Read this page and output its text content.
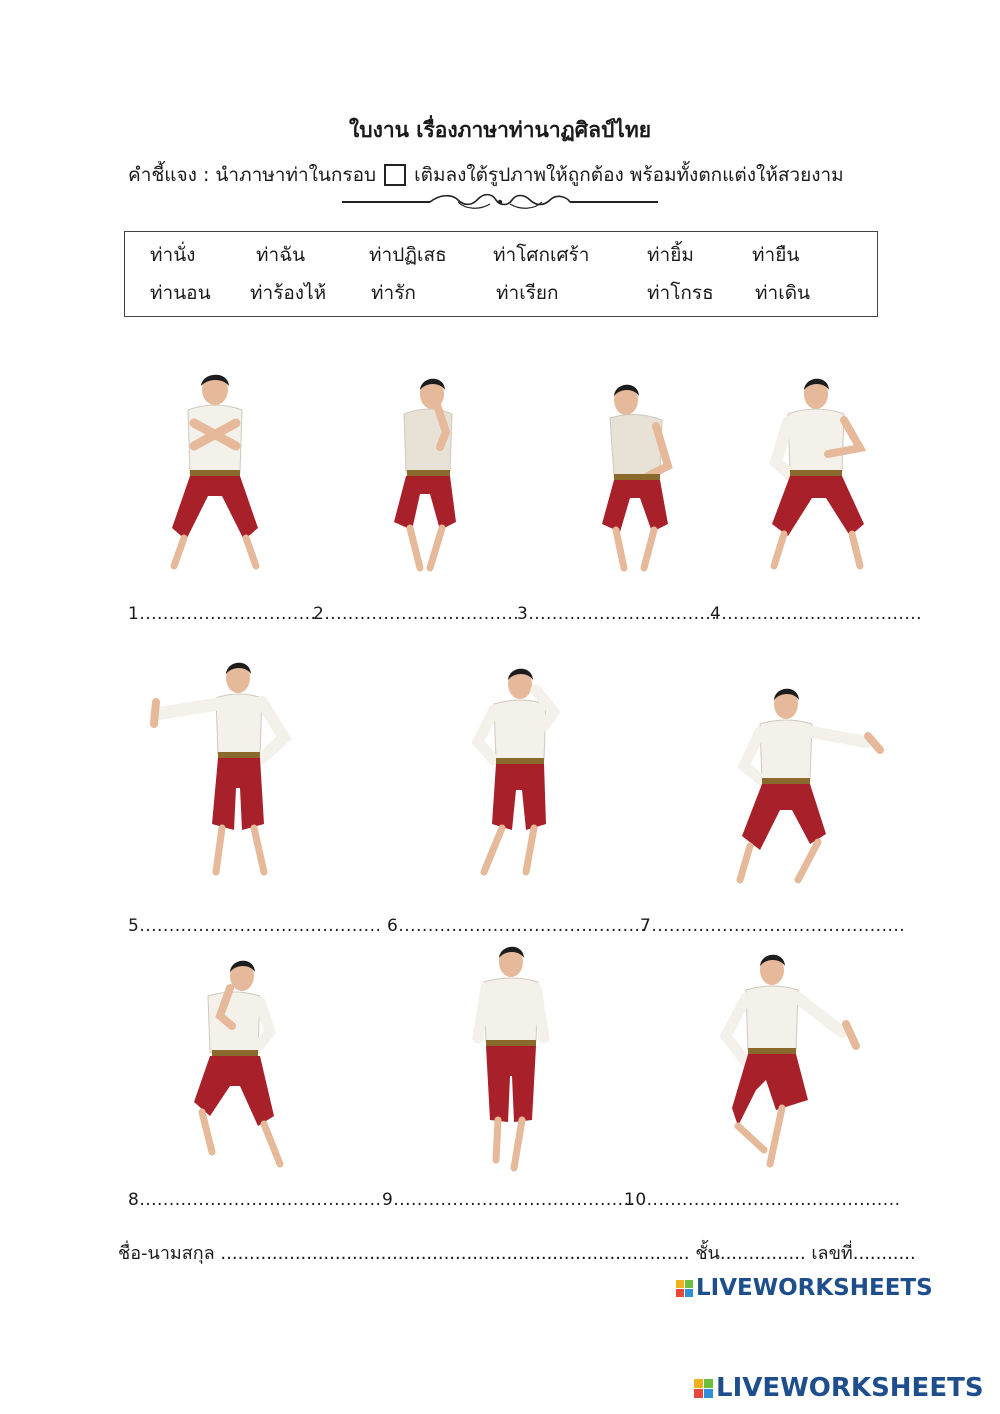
ใบงาน เรื่องภาษาท่านาฏศิลป์ไทย
คำชี้แจง : นำภาษาท่าในกรอบ เติมลงใต้รูปภาพให้ถูกต้อง พร้อมทั้งตกแต่งให้สวยงาม
ท่านั่ง	ท่าฉัน	ท่าปฏิเสธ ท่าโศกเศร้า	ท่ายิ้ม	ท่ายืน
ท่านอน ท่าร้องไห้ ท่ารัก	ท่าเรียก	ท่าโกรธ ท่าเดิน
1..............................
2.................................
3................................
4..................................
5......................................... 6..........................................
7...........................................
8......................................... 9.........................................
10...........................................
ชื่อ-นามสกุล .................................................................................. ชั้น............... เลขที่...........
LIVEWORKSHEETS
LIVEWORKSHEETS
